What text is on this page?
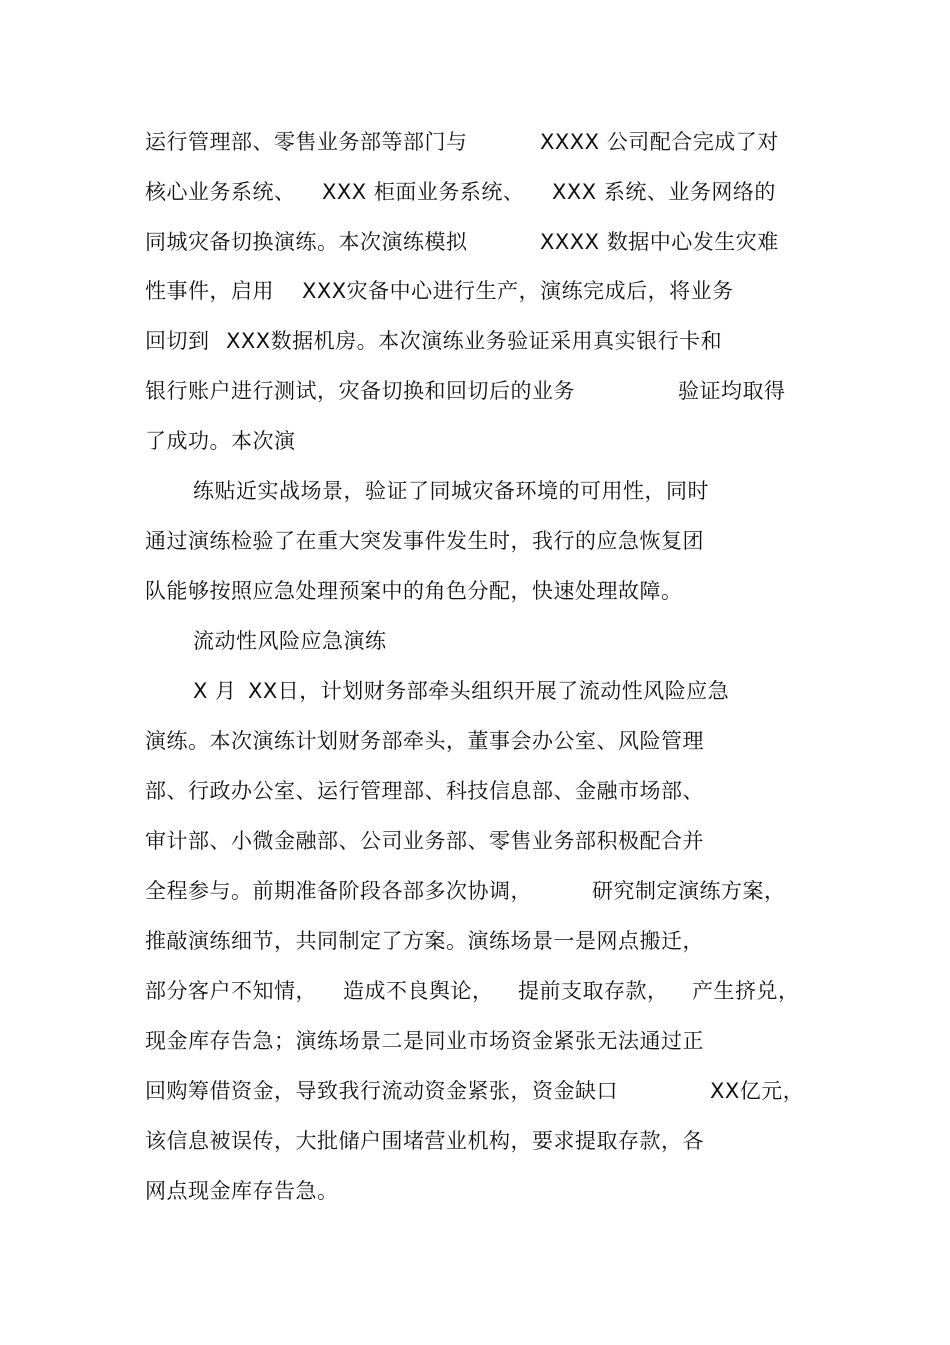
运行管理部、零售业务部等部门与

	XXXX 公司配合完成了对

核心业务系统、

XXX 柜面业务系统、

XXX 系统、业务网络的

同城灾备切换演练。本次演练模拟

	XXXX 数据中心发生灾难

性事件，启用

XXX灾备中心进行生产，演练完成后，将业务

回切到

XXX数据机房。本次演练业务验证采用真实银行卡和

银行账户进行测试，灾备切换和回切后的业务

	验证均取得

了成功。本次演

练贴近实战场景，验证了同城灾备环境的可用性，同时

通过演练检验了在重大突发事件发生时，我行的应急恢复团

队能够按照应急处理预案中的角色分配，快速处理故障。

流动性风险应急演练

X 月

XX日，计划财务部牵头组织开展了流动性风险应急

演练。本次演练计划财务部牵头，董事会办公室、风险管理

部、行政办公室、运行管理部、科技信息部、金融市场部、

审计部、小微金融部、公司业务部、零售业务部积极配合并

全程参与。前期准备阶段各部多次协调，

	研究制定演练方案，

推敲演练细节，共同制定了方案。演练场景一是网点搬迁，

部分客户不知情，

造成不良舆论，

提前支取存款，

产生挤兑，

现金库存告急；演练场景二是同业市场资金紧张无法通过正

回购筹借资金，导致我行流动资金紧张，资金缺口

	XX亿元，

该信息被误传，大批储户围堵营业机构，要求提取存款，各

网点现金库存告急。
